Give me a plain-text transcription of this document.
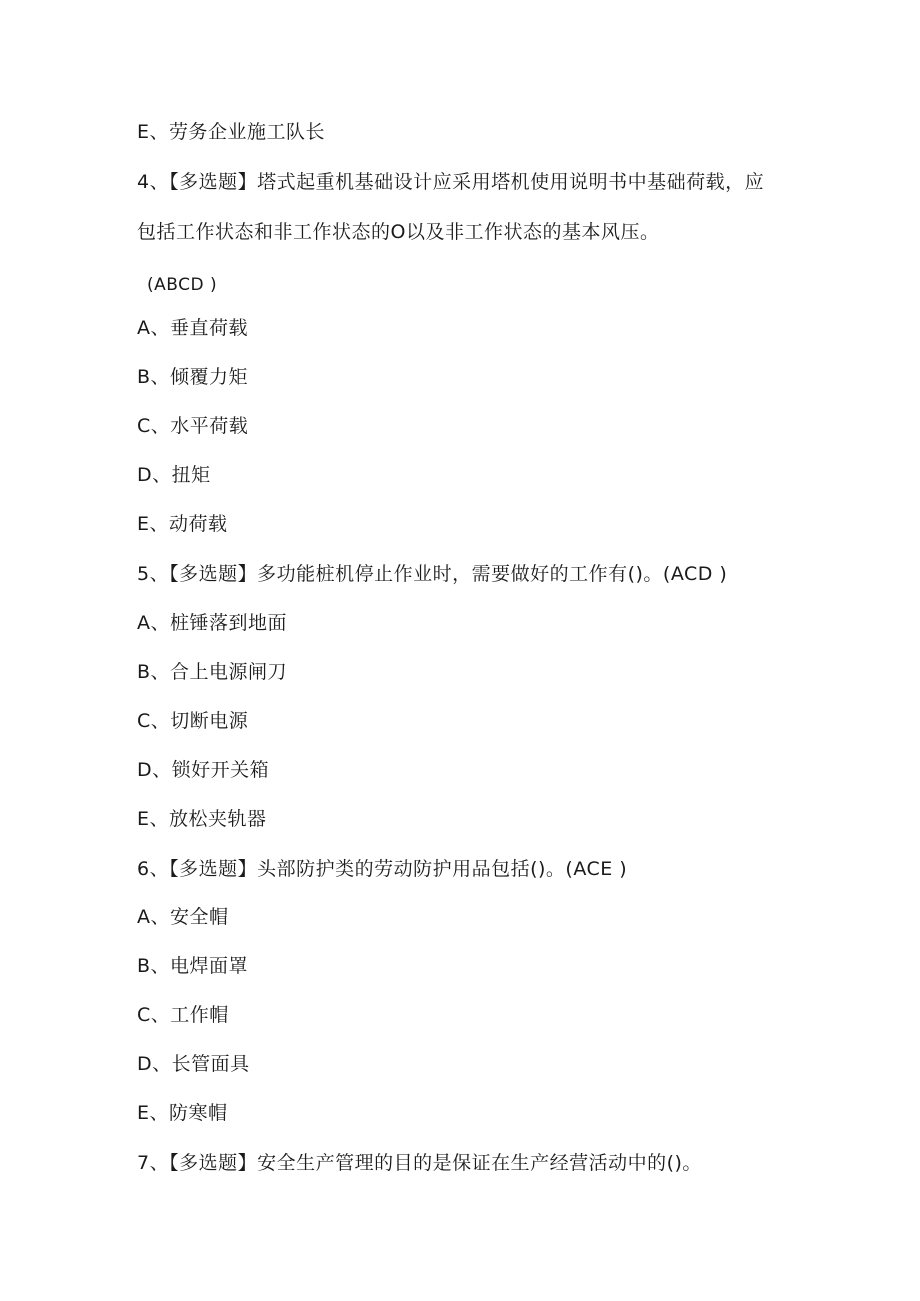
E、劳务企业施工队长
4、【多选题】塔式起重机基础设计应采用塔机使用说明书中基础荷载，应
包括工作状态和非工作状态的O以及非工作状态的基本风压。
(ABCD )
A、垂直荷载
B、倾覆力矩
C、水平荷载
D、扭矩
E、动荷载
5、【多选题】多功能桩机停止作业时，需要做好的工作有()。(ACD )
A、桩锤落到地面
B、合上电源闸刀
C、切断电源
D、锁好开关箱
E、放松夹轨器
6、【多选题】头部防护类的劳动防护用品包括()。(ACE )
A、安全帽
B、电焊面罩
C、工作帽
D、长管面具
E、防寒帽
7、【多选题】安全生产管理的目的是保证在生产经营活动中的()。
